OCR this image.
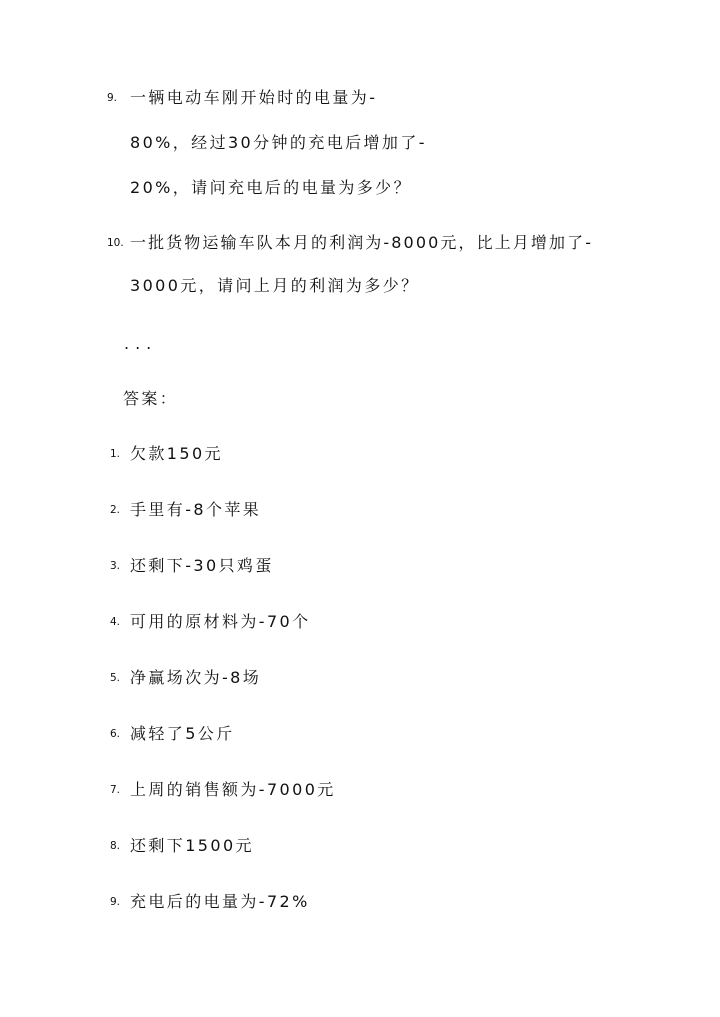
9. 一辆电动车刚开始时的电量为-
80%，经过30分钟的充电后增加了-
20%，请问充电后的电量为多少？
10. 一批货物运输车队本月的利润为-8000元，比上月增加了-
3000元，请问上月的利润为多少？
...
答案：
1. 欠款150元
2. 手里有-8个苹果
3. 还剩下-30只鸡蛋
4. 可用的原材料为-70个
5. 净赢场次为-8场
6. 减轻了5公斤
7. 上周的销售额为-7000元
8. 还剩下1500元
9. 充电后的电量为-72%
